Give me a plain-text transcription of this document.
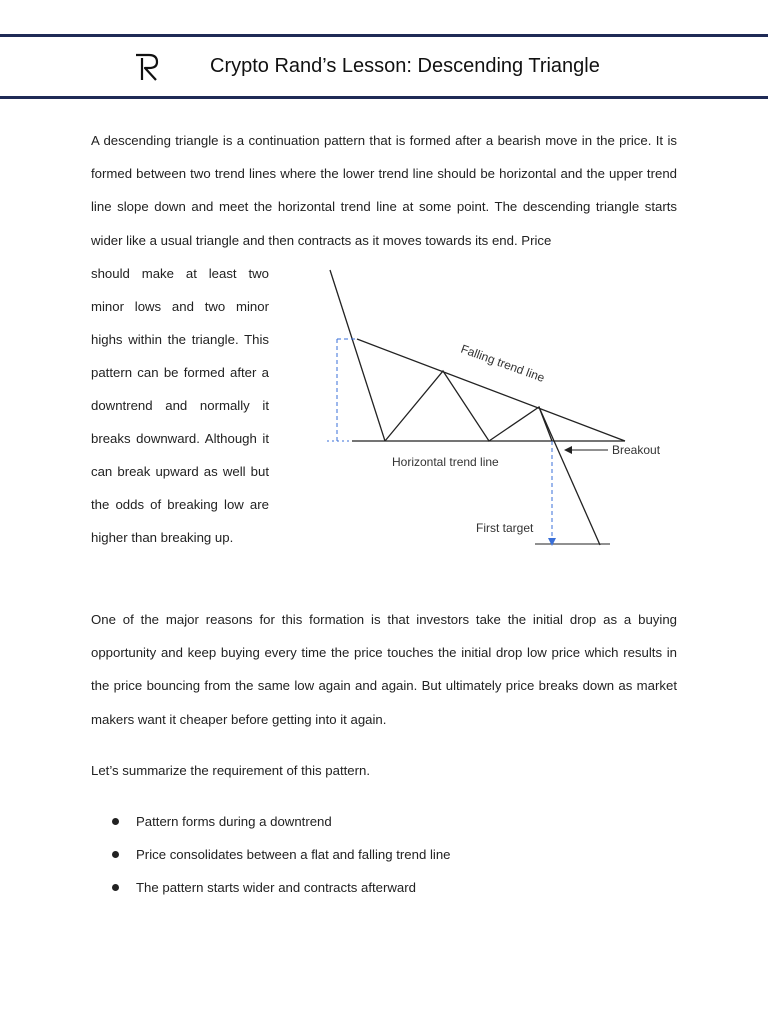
Crypto Rand’s Lesson: Descending Triangle

A descending triangle is a continuation pattern that is formed after a bearish move in the price. It is formed between two trend lines where the lower trend line should be horizontal and the upper trend line slope down and meet the horizontal trend line at some point. The descending triangle starts wider like a usual triangle and then contracts as it moves towards its end. Price

should make at least two minor lows and two minor highs within the triangle. This pattern can be formed after a downtrend and normally it breaks downward. Although it can break upward as well but the odds of breaking low are higher than breaking up.

Falling trend line
Horizontal trend line
Breakout
First target

One of the major reasons for this formation is that investors take the initial drop as a buying opportunity and keep buying every time the price touches the initial drop low price which results in the price bouncing from the same low again and again. But ultimately price breaks down as market makers want it cheaper before getting into it again.

Let’s summarize the requirement of this pattern.

Pattern forms during a downtrend
Price consolidates between a flat and falling trend line
The pattern starts wider and contracts afterward
